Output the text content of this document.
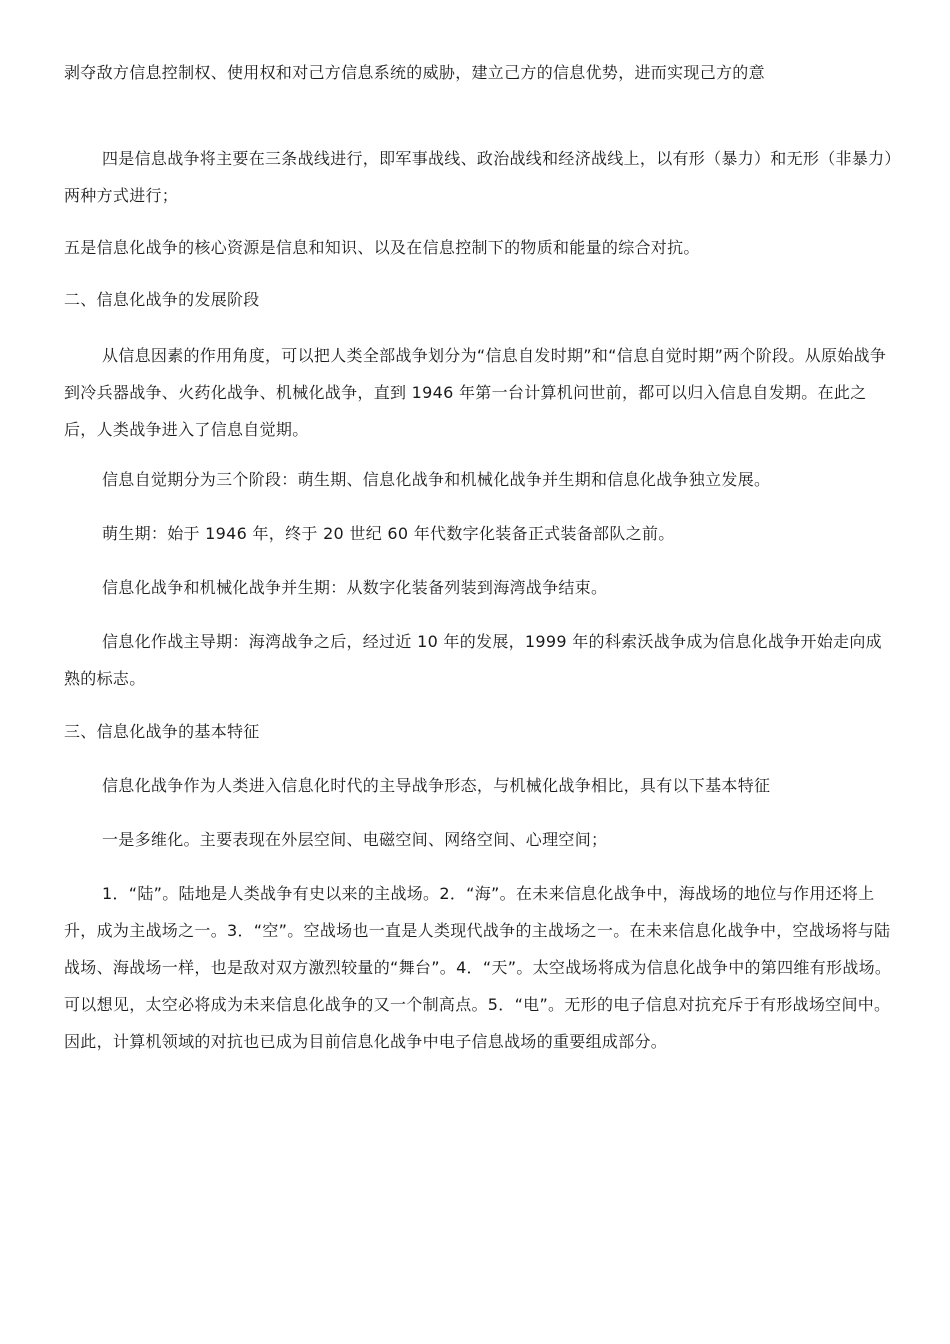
剥夺敌方信息控制权、使用权和对己方信息系统的威胁，建立己方的信息优势，进而实现己方的意

四是信息战争将主要在三条战线进行，即军事战线、政治战线和经济战线上，以有形（暴力）和无形（非暴力）两种方式进行；

五是信息化战争的核心资源是信息和知识、以及在信息控制下的物质和能量的综合对抗。

二、信息化战争的发展阶段

从信息因素的作用角度，可以把人类全部战争划分为“信息自发时期”和“信息自觉时期”两个阶段。从原始战争到冷兵器战争、火药化战争、机械化战争，直到 1946 年第一台计算机问世前，都可以归入信息自发期。在此之后，人类战争进入了信息自觉期。

信息自觉期分为三个阶段：萌生期、信息化战争和机械化战争并生期和信息化战争独立发展。

萌生期：始于 1946 年，终于 20 世纪 60 年代数字化装备正式装备部队之前。

信息化战争和机械化战争并生期：从数字化装备列装到海湾战争结束。

信息化作战主导期：海湾战争之后，经过近 10 年的发展，1999 年的科索沃战争成为信息化战争开始走向成熟的标志。

三、信息化战争的基本特征

信息化战争作为人类进入信息化时代的主导战争形态，与机械化战争相比，具有以下基本特征

一是多维化。主要表现在外层空间、电磁空间、网络空间、心理空间；

1．“陆”。陆地是人类战争有史以来的主战场。2．“海”。在未来信息化战争中，海战场的地位与作用还将上升，成为主战场之一。3．“空”。空战场也一直是人类现代战争的主战场之一。在未来信息化战争中，空战场将与陆战场、海战场一样，也是敌对双方激烈较量的“舞台”。4．“天”。太空战场将成为信息化战争中的第四维有形战场。可以想见，太空必将成为未来信息化战争的又一个制高点。5．“电”。无形的电子信息对抗充斥于有形战场空间中。因此，计算机领域的对抗也已成为目前信息化战争中电子信息战场的重要组成部分。
